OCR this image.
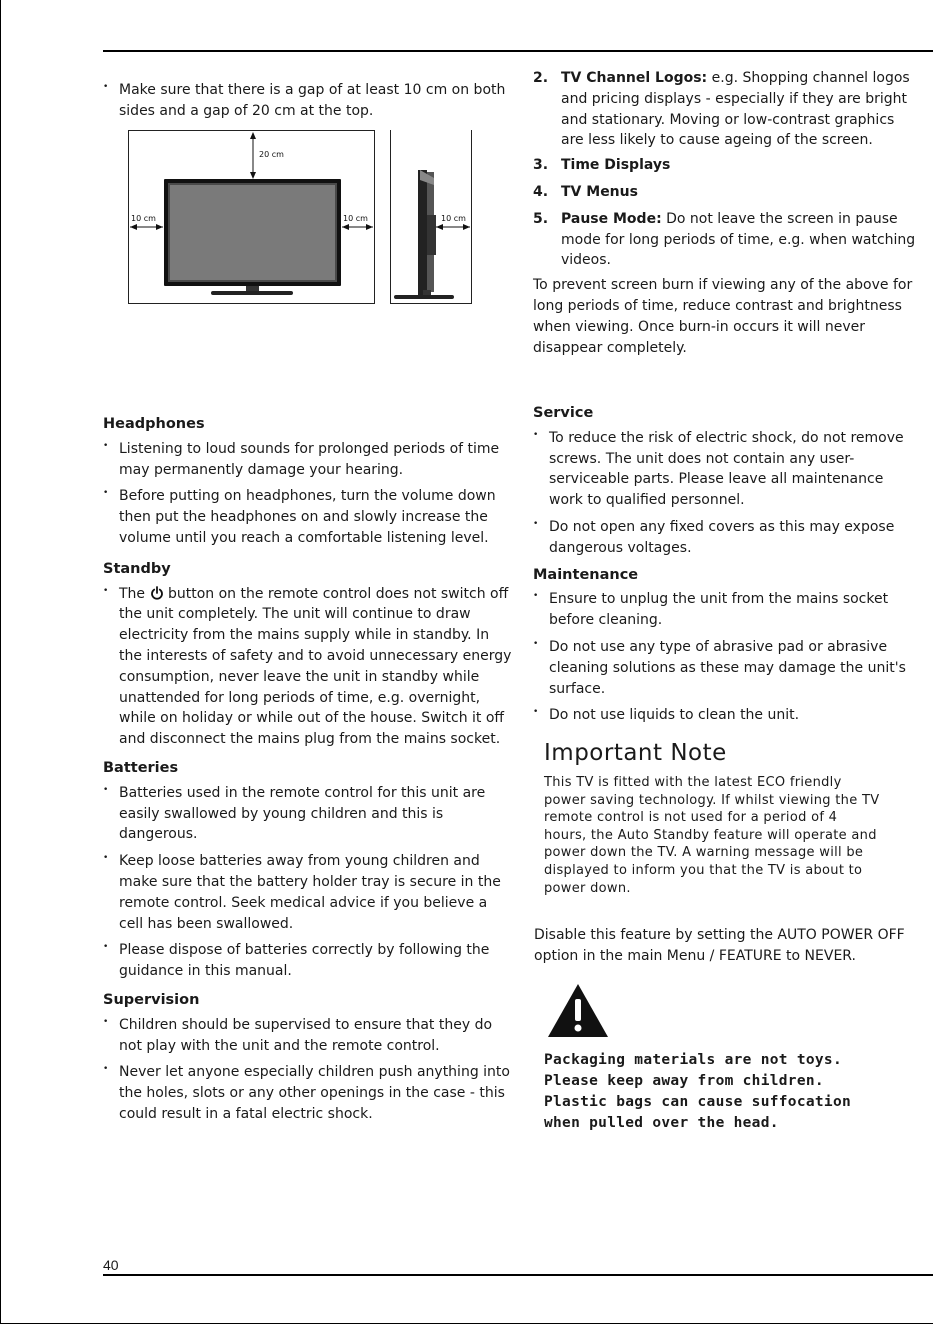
• Make sure that there is a gap of at least 10 cm on both sides and a gap of 20 cm at the top.
20 cm
10 cm	10 cm	10 cm
Headphones
• Listening to loud sounds for prolonged periods of time may permanently damage your hearing.
• Before putting on headphones, turn the volume down then put the headphones on and slowly increase the volume until you reach a comfortable listening level.
Standby
• The button on the remote control does not switch off the unit completely. The unit will continue to draw electricity from the mains supply while in standby. In the interests of safety and to avoid unnecessary energy consumption, never leave the unit in standby while unattended for long periods of time, e.g. overnight, while on holiday or while out of the house. Switch it off and disconnect the mains plug from the mains socket.
Batteries
• Batteries used in the remote control for this unit are easily swallowed by young children and this is dangerous.
• Keep loose batteries away from young children and make sure that the battery holder tray is secure in the remote control. Seek medical advice if you believe a cell has been swallowed.
• Please dispose of batteries correctly by following the guidance in this manual.
Supervision
• Children should be supervised to ensure that they do not play with the unit and the remote control.
• Never let anyone especially children push anything into the holes, slots or any other openings in the case - this could result in a fatal electric shock.
2. TV Channel Logos: e.g. Shopping channel logos and pricing displays - especially if they are bright and stationary. Moving or low-contrast graphics are less likely to cause ageing of the screen.
3. Time Displays
4. TV Menus
5. Pause Mode: Do not leave the screen in pause mode for long periods of time, e.g. when watching videos.

To prevent screen burn if viewing any of the above for long periods of time, reduce contrast and brightness when viewing. Once burn-in occurs it will never disappear completely.

Service
• To reduce the risk of electric shock, do not remove screws. The unit does not contain any user-serviceable parts. Please leave all maintenance work to qualified personnel.
• Do not open any fixed covers as this may expose dangerous voltages.
Maintenance
• Ensure to unplug the unit from the mains socket before cleaning.
• Do not use any type of abrasive pad or abrasive cleaning solutions as these may damage the unit's surface.
• Do not use liquids to clean the unit.
Important Note

This TV is fitted with the latest ECO friendly power saving technology. If whilst viewing the TV remote control is not used for a period of 4 hours, the Auto Standby feature will operate and power down the TV. A warning message will be displayed to inform you that the TV is about to power down.

Disable this feature by setting the AUTO POWER OFF option in the main Menu / FEATURE to NEVER.

Packaging materials are not toys. Please keep away from children. Plastic bags can cause suffocation when pulled over the head.

40
